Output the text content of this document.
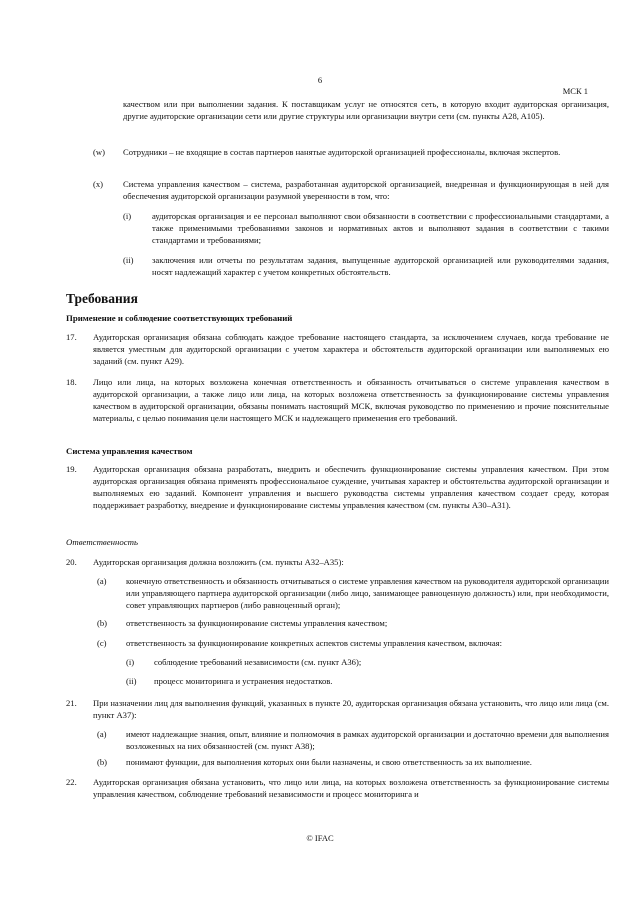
6
МСК 1
качеством или при выполнении задания. К поставщикам услуг не относятся сеть, в которую входит аудиторская организация, другие аудиторские организации сети или другие структуры или организации внутри сети (см. пункты A28, A105).
(w) Сотрудники – не входящие в состав партнеров нанятые аудиторской организацией профессионалы, включая экспертов.
(x) Система управления качеством – система, разработанная аудиторской организацией, внедренная и функционирующая в ней для обеспечения аудиторской организации разумной уверенности в том, что:
(i) аудиторская организация и ее персонал выполняют свои обязанности в соответствии с профессиональными стандартами, а также применимыми требованиями законов и нормативных актов и выполняют задания в соответствии с такими стандартами и требованиями;
(ii) заключения или отчеты по результатам задания, выпущенные аудиторской организацией или руководителями задания, носят надлежащий характер с учетом конкретных обстоятельств.
Требования
Применение и соблюдение соответствующих требований
17. Аудиторская организация обязана соблюдать каждое требование настоящего стандарта, за исключением случаев, когда требование не является уместным для аудиторской организации с учетом характера и обстоятельств аудиторской организации или выполняемых ею заданий (см. пункт A29).
18. Лицо или лица, на которых возложена конечная ответственность и обязанность отчитываться о системе управления качеством в аудиторской организации, а также лицо или лица, на которых возложена ответственность за функционирование системы управления качеством в аудиторской организации, обязаны понимать настоящий МСК, включая руководство по применению и прочие пояснительные материалы, с целью понимания цели настоящего МСК и надлежащего применения его требований.
Система управления качеством
19. Аудиторская организация обязана разработать, внедрить и обеспечить функционирование системы управления качеством. При этом аудиторская организация обязана применять профессиональное суждение, учитывая характер и обстоятельства аудиторской организации и выполняемых ею заданий. Компонент управления и высшего руководства системы управления качеством создает среду, которая поддерживает разработку, внедрение и функционирование системы управления качеством (см. пункты A30–A31).
Ответственность
20. Аудиторская организация должна возложить (см. пункты A32–A35):
(a) конечную ответственность и обязанность отчитываться о системе управления качеством на руководителя аудиторской организации или управляющего партнера аудиторской организации (либо лицо, занимающее равноценную должность) или, при необходимости, совет управляющих партнеров (либо равноценный орган);
(b) ответственность за функционирование системы управления качеством;
(c) ответственность за функционирование конкретных аспектов системы управления качеством, включая:
(i) соблюдение требований независимости (см. пункт A36);
(ii) процесс мониторинга и устранения недостатков.
21. При назначении лиц для выполнения функций, указанных в пункте 20, аудиторская организация обязана установить, что лицо или лица (см. пункт A37):
(a) имеют надлежащие знания, опыт, влияние и полномочия в рамках аудиторской организации и достаточно времени для выполнения возложенных на них обязанностей (см. пункт A38);
(b) понимают функции, для выполнения которых они были назначены, и свою ответственность за их выполнение.
22. Аудиторская организация обязана установить, что лицо или лица, на которых возложена ответственность за функционирование системы управления качеством, соблюдение требований независимости и процесс мониторинга и
© IFAC
